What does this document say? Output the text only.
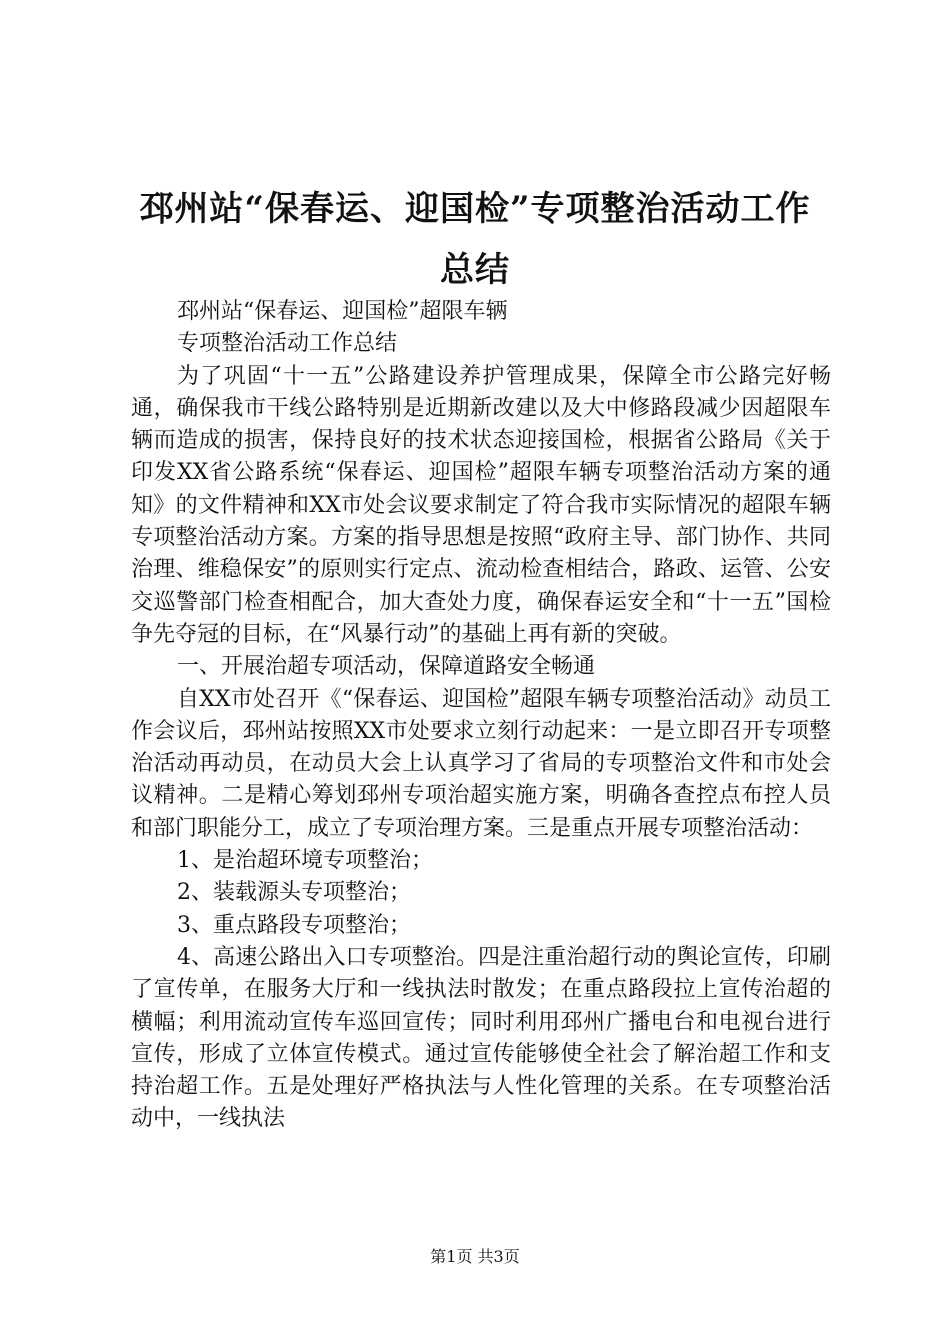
邳州站“保春运、迎国检”专项整治活动工作
总结

邳州站“保春运、迎国检”超限车辆

专项整治活动工作总结

为了巩固“十一五”公路建设养护管理成果，保障全市公路完好畅通，确保我市干线公路特别是近期新改建以及大中修路段减少因超限车辆而造成的损害，保持良好的技术状态迎接国检，根据省公路局《关于印发XX省公路系统“保春运、迎国检”超限车辆专项整治活动方案的通知》的文件精神和XX市处会议要求制定了符合我市实际情况的超限车辆专项整治活动方案。方案的指导思想是按照“政府主导、部门协作、共同治理、维稳保安”的原则实行定点、流动检查相结合，路政、运管、公安交巡警部门检查相配合，加大查处力度，确保春运安全和“十一五”国检争先夺冠的目标，在“风暴行动”的基础上再有新的突破。

一、开展治超专项活动，保障道路安全畅通

自XX市处召开《“保春运、迎国检”超限车辆专项整治活动》动员工作会议后，邳州站按照XX市处要求立刻行动起来：一是立即召开专项整治活动再动员，在动员大会上认真学习了省局的专项整治文件和市处会议精神。二是精心筹划邳州专项治超实施方案，明确各查控点布控人员和部门职能分工，成立了专项治理方案。三是重点开展专项整治活动：

1、是治超环境专项整治；

2、装载源头专项整治；

3、重点路段专项整治；

4、高速公路出入口专项整治。四是注重治超行动的舆论宣传，印刷了宣传单，在服务大厅和一线执法时散发；在重点路段拉上宣传治超的横幅；利用流动宣传车巡回宣传；同时利用邳州广播电台和电视台进行宣传，形成了立体宣传模式。通过宣传能够使全社会了解治超工作和支持治超工作。五是处理好严格执法与人性化管理的关系。在专项整治活动中，一线执法

第1页 共3页
